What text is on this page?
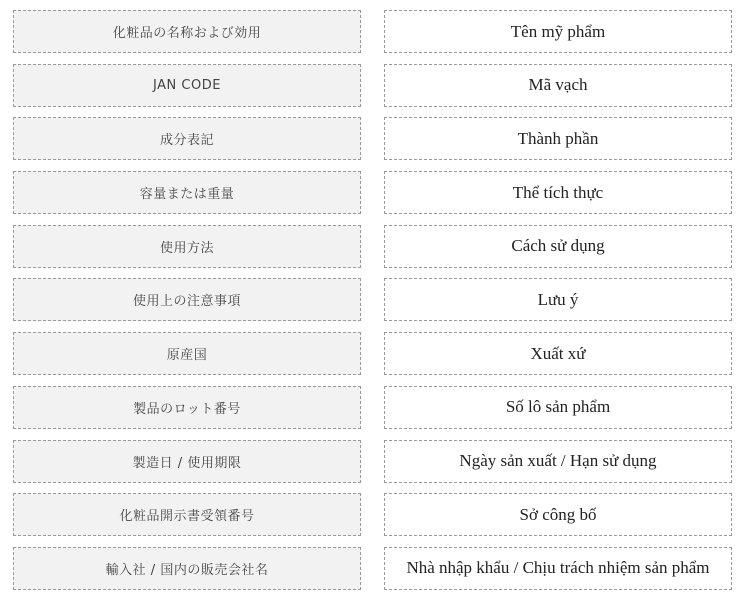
化粧品の名称および効用	Tên mỹ phẩm
JAN CODE	Mã vạch
成分表記	Thành phần
容量または重量	Thể tích thực
使用方法	Cách sử dụng
使用上の注意事項	Lưu ý
原産国	Xuất xứ
製品のロット番号	Số lô sản phẩm
製造日 / 使用期限	Ngày sản xuất / Hạn sử dụng
化粧品開示書受領番号	Sở công bố
輸入社 / 国内の販売会社名	Nhà nhập khẩu / Chịu trách nhiệm sản phẩm
